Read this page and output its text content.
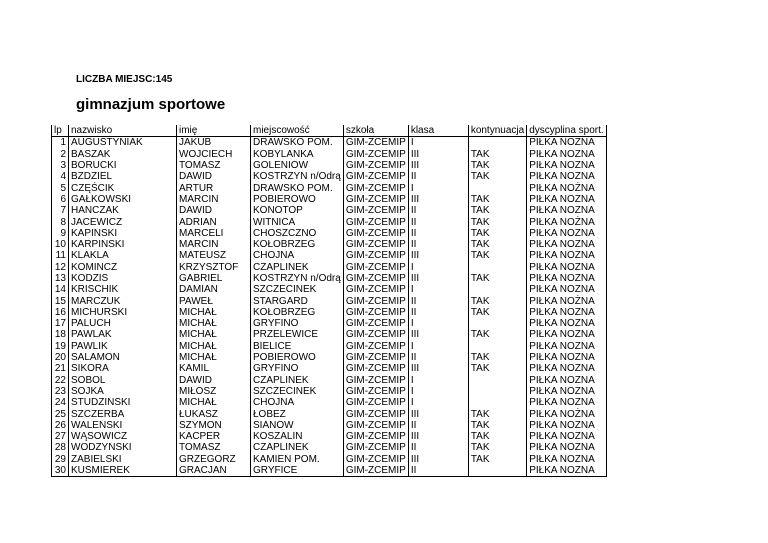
LICZBA MIEJSC:145
gimnazjum sportowe
lp	nazwisko	imię	miejscowość	szkoła	klasa	kontynuacja	dyscyplina sport.
1	AUGUSTYNIAK	JAKUB	DRAWSKO POM.	GIM-ZCEMIP	I		PIŁKA NOŻNA
2	BASZAK	WOJCIECH	KOBYLANKA	GIM-ZCEMIP	III	TAK	PIŁKA NOŻNA
3	BORUCKI	TOMASZ	GOLENIÓW	GIM-ZCEMIP	III	TAK	PIŁKA NOŻNA
4	BZDZIEL	DAWID	KOSTRZYN n/Odrą	GIM-ZCEMIP	II	TAK	PIŁKA NOŻNA
5	CZĘŚCIK	ARTUR	DRAWSKO POM.	GIM-ZCEMIP	I		PIŁKA NOŻNA
6	GAŁKOWSKI	MARCIN	POBIEROWO	GIM-ZCEMIP	III	TAK	PIŁKA NOŻNA
7	HANCZAK	DAWID	KONOTOP	GIM-ZCEMIP	II	TAK	PIŁKA NOŻNA
8	JACEWICZ	ADRIAN	WITNICA	GIM-ZCEMIP	II	TAK	PIŁKA NOŻNA
9	KAPIŃSKI	MARCELI	CHOSZCZNO	GIM-ZCEMIP	II	TAK	PIŁKA NOŻNA
10	KARPIŃSKI	MARCIN	KOŁOBRZEG	GIM-ZCEMIP	II	TAK	PIŁKA NOŻNA
11	KLAKLA	MATEUSZ	CHOJNA	GIM-ZCEMIP	III	TAK	PIŁKA NOŻNA
12	KOMINCZ	KRZYSZTOF	CZAPLINEK	GIM-ZCEMIP	I		PIŁKA NOŻNA
13	KODZIS	GABRIEL	KOSTRZYN n/Odrą	GIM-ZCEMIP	III	TAK	PIŁKA NOŻNA
14	KRISCHIK	DAMIAN	SZCZECINEK	GIM-ZCEMIP	I		PIŁKA NOŻNA
15	MARCZUK	PAWEŁ	STARGARD	GIM-ZCEMIP	II	TAK	PIŁKA NOŻNA
16	MICHURSKI	MICHAŁ	KOŁOBRZEG	GIM-ZCEMIP	II	TAK	PIŁKA NOŻNA
17	PALUCH	MICHAŁ	GRYFINO	GIM-ZCEMIP	I		PIŁKA NOŻNA
18	PAWLAK	MICHAŁ	PRZELEWICE	GIM-ZCEMIP	III	TAK	PIŁKA NOŻNA
19	PAWLIK	MICHAŁ	BIELICE	GIM-ZCEMIP	I		PIŁKA NOŻNA
20	SALAMON	MICHAŁ	POBIEROWO	GIM-ZCEMIP	II	TAK	PIŁKA NOŻNA
21	SIKORA	KAMIL	GRYFINO	GIM-ZCEMIP	III	TAK	PIŁKA NOŻNA
22	SOBOL	DAWID	CZAPLINEK	GIM-ZCEMIP	I		PIŁKA NOŻNA
23	SOJKA	MIŁOSZ	SZCZECINEK	GIM-ZCEMIP	I		PIŁKA NOŻNA
24	STUDZIŃSKI	MICHAŁ	CHOJNA	GIM-ZCEMIP	I		PIŁKA NOŻNA
25	SZCZERBA	ŁUKASZ	ŁOBEZ	GIM-ZCEMIP	III	TAK	PIŁKA NOŻNA
26	WALEŃSKI	SZYMON	SIANÓW	GIM-ZCEMIP	II	TAK	PIŁKA NOŻNA
27	WĄSOWICZ	KACPER	KOSZALIN	GIM-ZCEMIP	III	TAK	PIŁKA NOŻNA
28	WODZYŃSKI	TOMASZ	CZAPLINEK	GIM-ZCEMIP	II	TAK	PIŁKA NOŻNA
29	ZABIELSKI	GRZEGORZ	KAMIEŃ POM.	GIM-ZCEMIP	III	TAK	PIŁKA NOŻNA
30	KUŚMIEREK	GRACJAN	GRYFICE	GIM-ZCEMIP	II		PIŁKA NOŻNA
